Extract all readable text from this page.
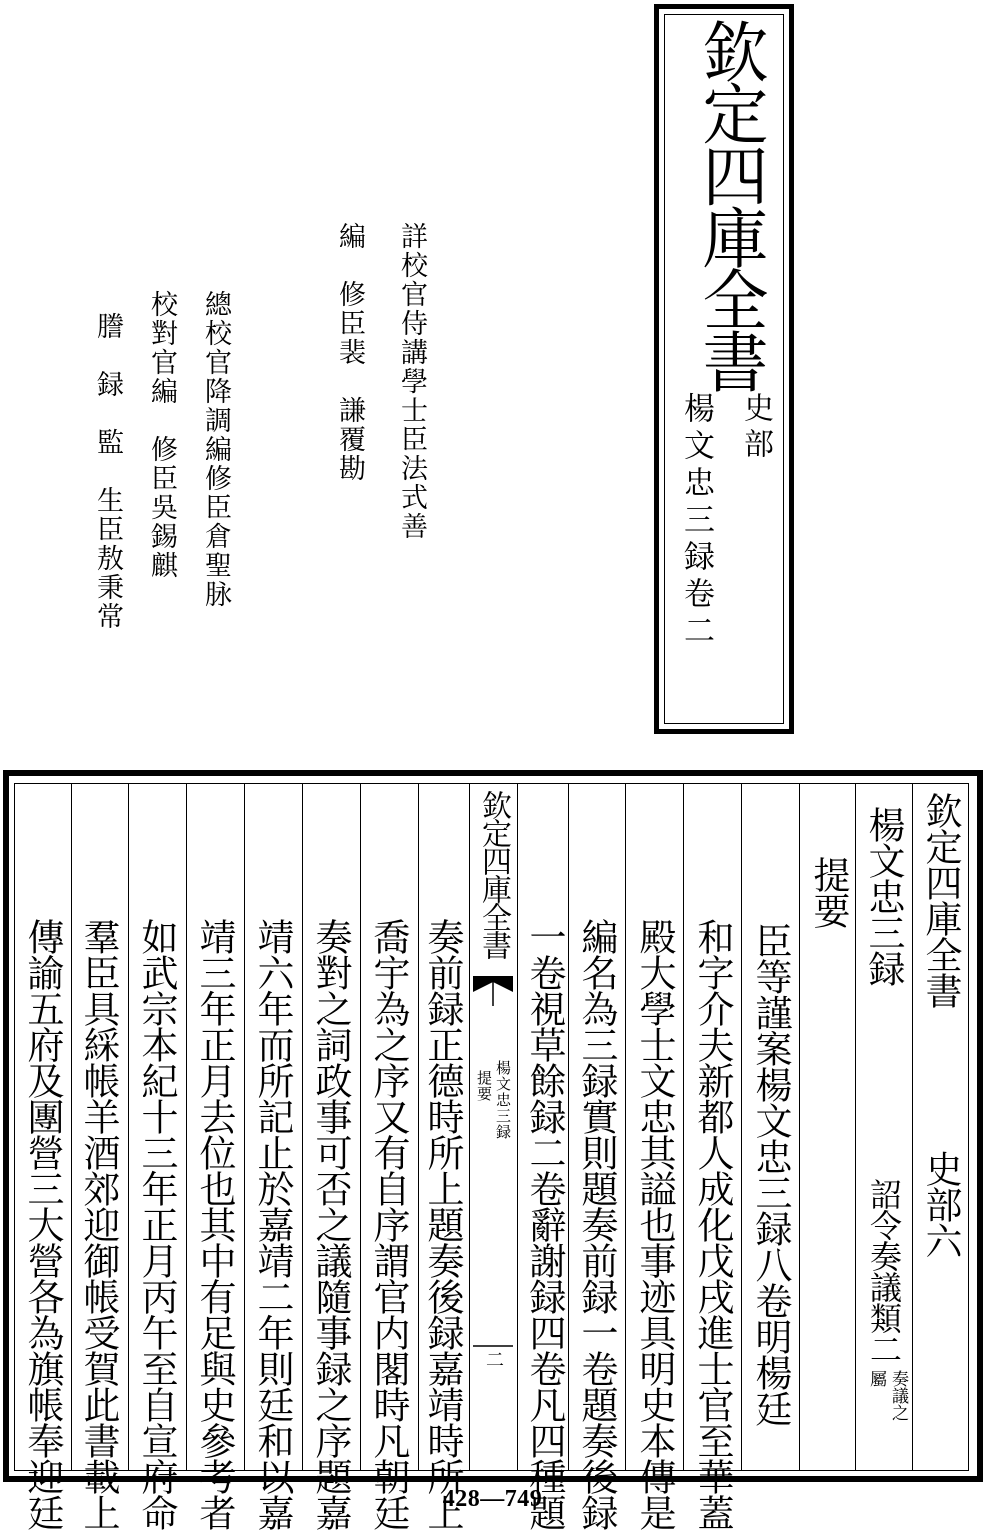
欽定四庫全書
史部
楊文忠三録卷二
詳校官侍講學士臣法式善
編　修臣裴　謙覆勘
總校官降調編修臣倉聖脉
校對官編　修臣吳錫麒
謄　録　監　生臣敖秉常
欽定四庫全書
史部六
楊文忠三録
詔令奏議類二
奏議之屬
提要
臣等謹案楊文忠三録八卷明楊廷
和字介夫新都人成化戊戌進士官至華蓋
殿大學士文忠其謚也事迹具明史本傳是
編名為三録實則題奏前録一卷題奏後録
一卷視草餘録二卷辭謝録四卷凡四種題
奏前録正德時所上題奏後録嘉靖時所上
喬宇為之序又有自序謂官内閣時凡朝廷
奏對之詞政事可否之議隨事録之序題嘉
靖六年而所記止於嘉靖二年則廷和以嘉
靖三年正月去位也其中有足與史參考者
如武宗本紀十三年正月丙午至自宣府命
羣臣具綵帳羊酒郊迎御帳受賀此書載上
傳諭五府及團營三大營各為旗帳奉迎廷
欽定四庫全書
楊文忠三録
提要
二
428—749
